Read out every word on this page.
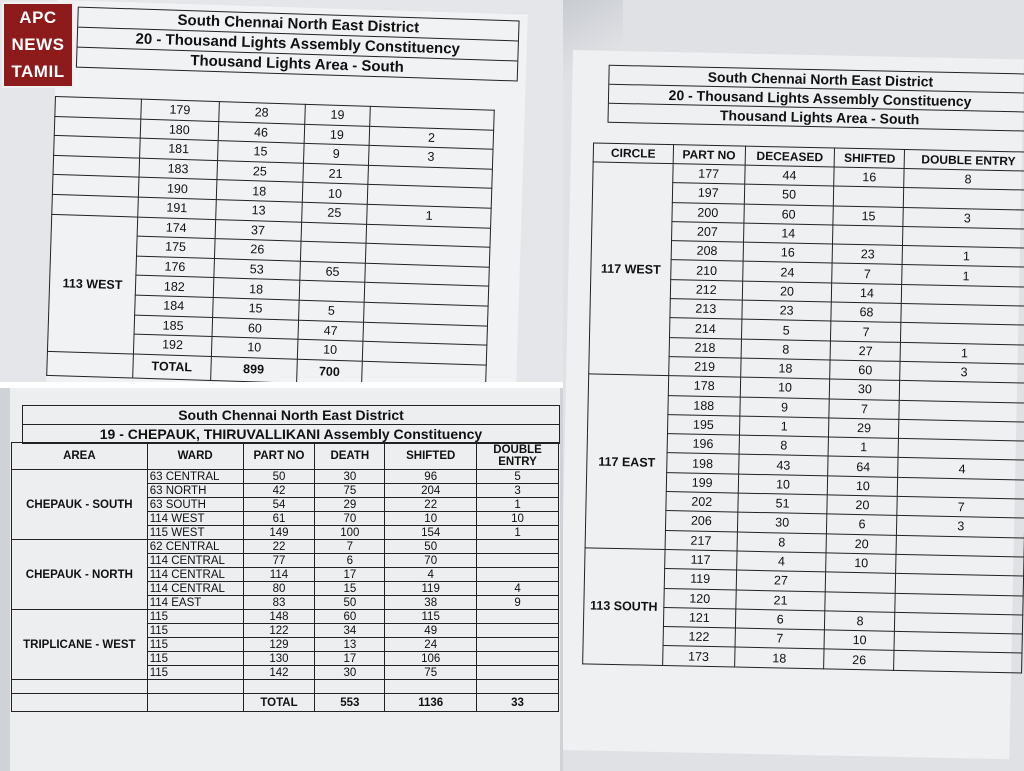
South Chennai North East District
20 - Thousand Lights Assembly Constituency
Thousand Lights Area - South
	179	28	19	
	180	46	19	2
	181	15	9	3
	183	25	21	
	190	18	10	
	191	13	25	1
113 WEST	174	37		
	175	26		
	176	53	65	
	182	18		
	184	15	5	
	185	60	47	
	192	10	10	
	TOTAL	899	700	
South Chennai North East District
20 - Thousand Lights Assembly Constituency
Thousand Lights Area - South
CIRCLE	PART NO	DECEASED	SHIFTED	DOUBLE ENTRY
117 WEST	177	44	16	8
	197	50		
	200	60	15	3
	207	14		
	208	16	23	1
	210	24	7	1
	212	20	14	
	213	23	68	
	214	5	7	
	218	8	27	1
	219	18	60	3
117 EAST	178	10	30	
	188	9	7	
	195	1	29	
	196	8	1	
	198	43	64	4
	199	10	10	
	202	51	20	7
	206	30	6	3
	217	8	20	
113 SOUTH	117	4	10	
	119	27		
	120	21		
	121	6	8	
	122	7	10	
	173	18	26	
South Chennai North East District
19 - CHEPAUK, THIRUVALLIKANI Assembly Constituency
AREA	WARD	PART NO	DEATH	SHIFTED	DOUBLE ENTRY
CHEPAUK - SOUTH	63 CENTRAL	50	30	96	5
	63 NORTH	42	75	204	3
	63 SOUTH	54	29	22	1
	114 WEST	61	70	10	10
	115 WEST	149	100	154	1
CHEPAUK - NORTH	62 CENTRAL	22	7	50	
	114 CENTRAL	77	6	70	
	114 CENTRAL	114	17	4	
	114 CENTRAL	80	15	119	4
	114 EAST	83	50	38	9
TRIPLICANE - WEST	115	148	60	115	
	115	122	34	49	
	115	129	13	24	
	115	130	17	106	
	115	142	30	75	

		TOTAL	553	1136	33
APC
NEWS
TAMIL
